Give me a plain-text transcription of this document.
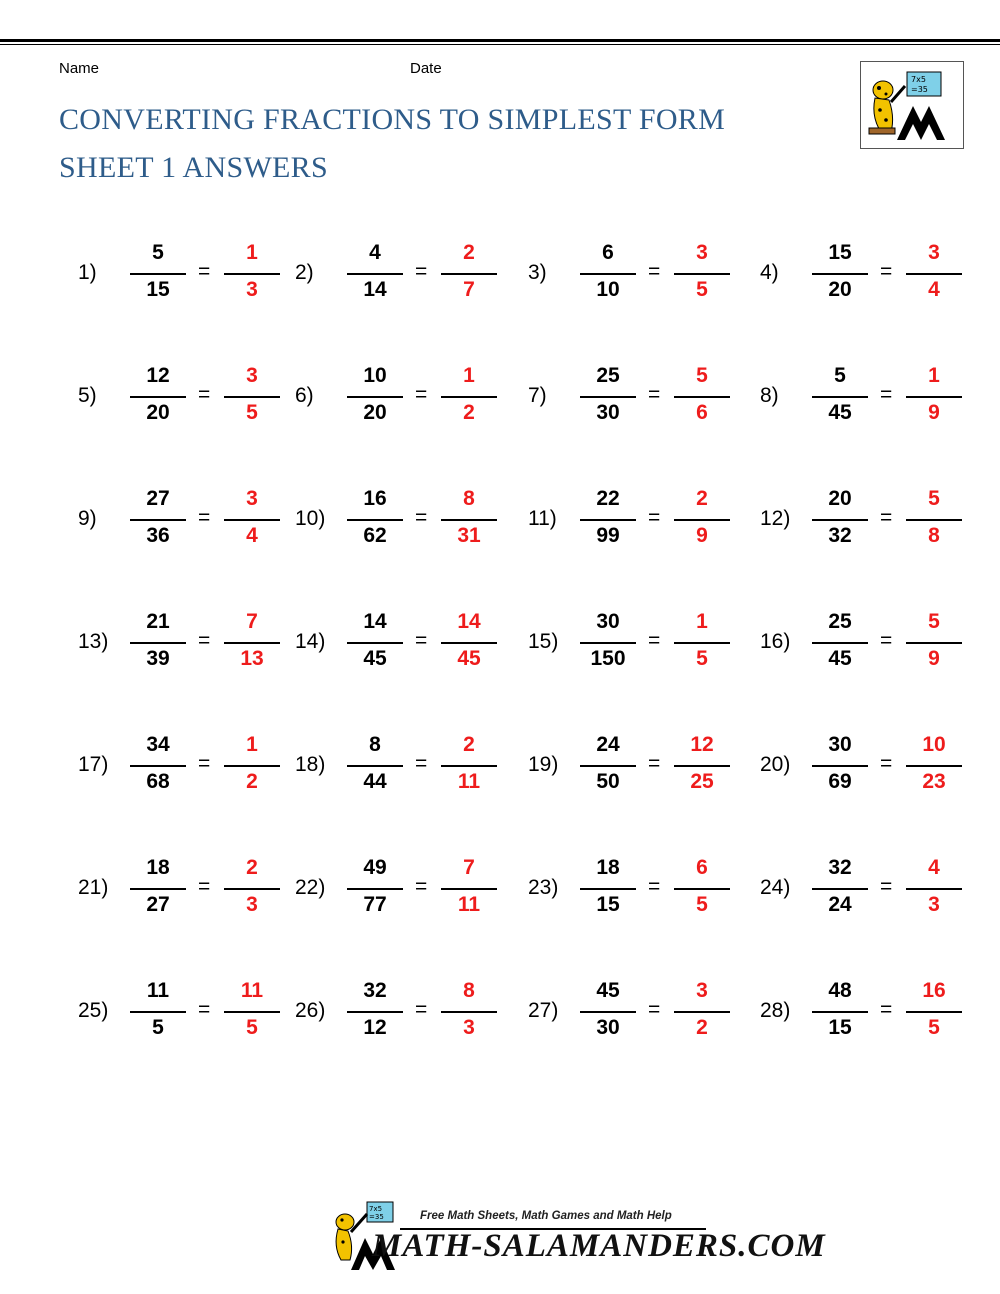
Name	Date
CONVERTING FRACTIONS TO SIMPLEST FORM
SHEET 1 ANSWERS
7x5
=35
1)
5
15
=
1
3
2)
4
14
=
2
7
3)
6
10
=
3
5
4)
15
20
=
3
4
5)
12
20
=
3
5
6)
10
20
=
1
2
7)
25
30
=
5
6
8)
5
45
=
1
9
9)
27
36
=
3
4
10)
16
62
=
8
31
11)
22
99
=
2
9
12)
20
32
=
5
8
13)
21
39
=
7
13
14)
14
45
=
14
45
15)
30
150
=
1
5
16)
25
45
=
5
9
17)
34
68
=
1
2
18)
8
44
=
2
11
19)
24
50
=
12
25
20)
30
69
=
10
23
21)
18
27
=
2
3
22)
49
77
=
7
11
23)
18
15
=
6
5
24)
32
24
=
4
3
25)
11
5
=
11
5
26)
32
12
=
8
3
27)
45
30
=
3
2
28)
48
15
=
16
5
7x5
=35	Free Math Sheets, Math Games and Math Help
MATH-SALAMANDERS.COM
